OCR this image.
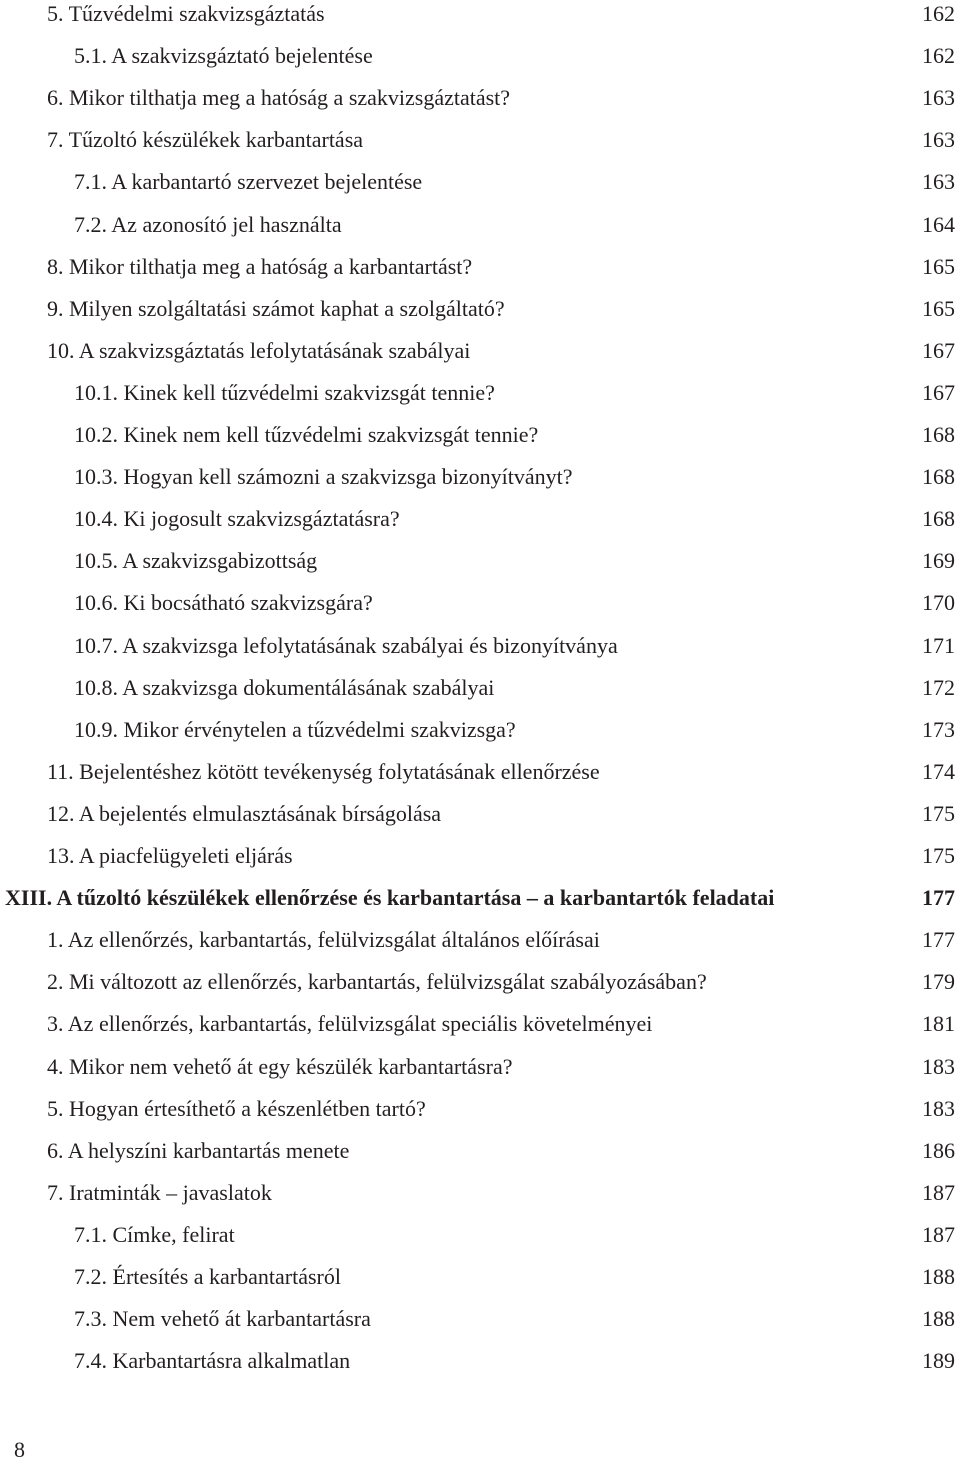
5. Tűzvédelmi szakvizsgáztatás	162
5.1. A szakvizsgáztató bejelentése	162
6. Mikor tilthatja meg a hatóság a szakvizsgáztatást?	163
7. Tűzoltó készülékek karbantartása	163
7.1. A karbantartó szervezet bejelentése	163
7.2. Az azonosító jel használta	164
8. Mikor tilthatja meg a hatóság a karbantartást?	165
9. Milyen szolgáltatási számot kaphat a szolgáltató?	165
10. A szakvizsgáztatás lefolytatásának szabályai	167
10.1. Kinek kell tűzvédelmi szakvizsgát tennie?	167
10.2. Kinek nem kell tűzvédelmi szakvizsgát tennie?	168
10.3. Hogyan kell számozni a szakvizsga bizonyítványt?	168
10.4. Ki jogosult szakvizsgáztatásra?	168
10.5. A szakvizsgabizottság	169
10.6. Ki bocsátható szakvizsgára?	170
10.7. A szakvizsga lefolytatásának szabályai és bizonyítványa	171
10.8. A szakvizsga dokumentálásának szabályai	172
10.9. Mikor érvénytelen a tűzvédelmi szakvizsga?	173
11. Bejelentéshez kötött tevékenység folytatásának ellenőrzése	174
12. A bejelentés elmulasztásának bírságolása	175
13. A piacfelügyeleti eljárás	175
XIII. A tűzoltó készülékek ellenőrzése és karbantartása – a karbantartók feladatai	177
1. Az ellenőrzés, karbantartás, felülvizsgálat általános előírásai	177
2. Mi változott az ellenőrzés, karbantartás, felülvizsgálat szabályozásában?	179
3. Az ellenőrzés, karbantartás, felülvizsgálat speciális követelményei	181
4. Mikor nem vehető át egy készülék karbantartásra?	183
5. Hogyan értesíthető a készenlétben tartó?	183
6. A helyszíni karbantartás menete	186
7. Iratminták – javaslatok	187
7.1. Címke, felirat	187
7.2. Értesítés a karbantartásról	188
7.3. Nem vehető át karbantartásra	188
7.4. Karbantartásra alkalmatlan	189
8
